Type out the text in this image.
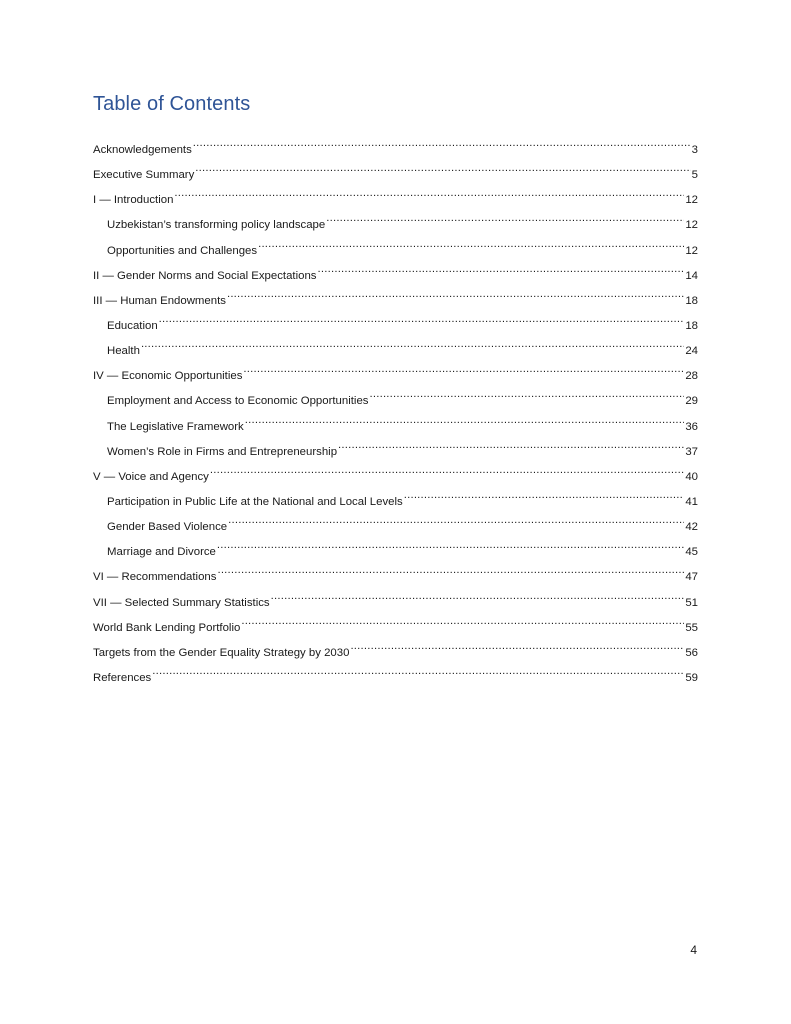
Table of Contents
Acknowledgements .....	3
Executive Summary .....	5
I — Introduction .....	12
Uzbekistan’s transforming policy landscape .....	12
Opportunities and Challenges .....	12
II — Gender Norms and Social Expectations .....	14
III — Human Endowments .....	18
Education .....	18
Health .....	24
IV — Economic Opportunities .....	28
Employment and Access to Economic Opportunities .....	29
The Legislative Framework .....	36
Women’s Role in Firms and Entrepreneurship .....	37
V — Voice and Agency .....	40
Participation in Public Life at the National and Local Levels .....	41
Gender Based Violence .....	42
Marriage and Divorce .....	45
VI — Recommendations .....	47
VII — Selected Summary Statistics .....	51
World Bank Lending Portfolio .....	55
Targets from the Gender Equality Strategy by 2030 .....	56
References .....	59

4
